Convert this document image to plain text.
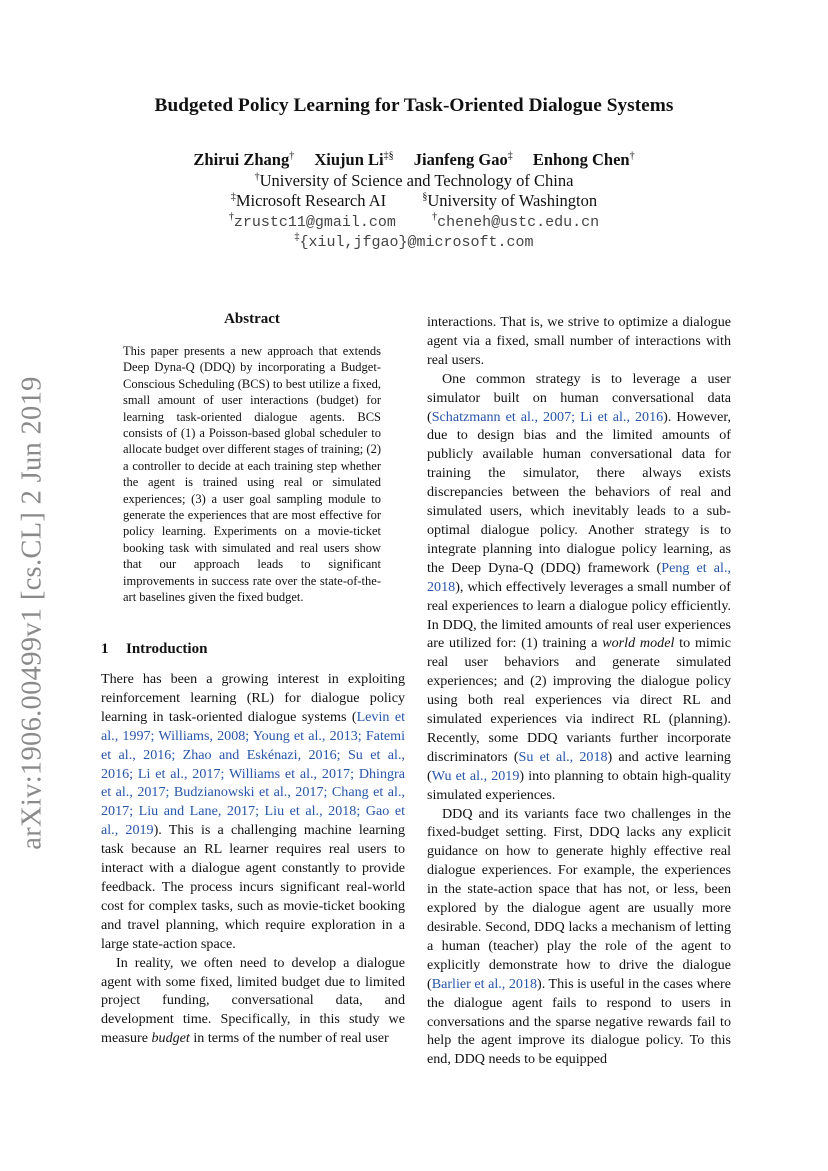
arXiv:1906.00499v1 [cs.CL] 2 Jun 2019
Budgeted Policy Learning for Task-Oriented Dialogue Systems
Zhirui Zhang† Xiujun Li‡§ Jianfeng Gao‡ Enhong Chen†
†University of Science and Technology of China
‡Microsoft Research AI	§University of Washington
†zrustc11@gmail.com	†cheneh@ustc.edu.cn
‡{xiul,jfgao}@microsoft.com
Abstract
This paper presents a new approach that extends Deep Dyna-Q (DDQ) by incorporating a Budget-Conscious Scheduling (BCS) to best utilize a fixed, small amount of user interactions (budget) for learning task-oriented dialogue agents. BCS consists of (1) a Poisson-based global scheduler to allocate budget over different stages of training; (2) a controller to decide at each training step whether the agent is trained using real or simulated experiences; (3) a user goal sampling module to generate the experiences that are most effective for policy learning. Experiments on a movie-ticket booking task with simulated and real users show that our approach leads to significant improvements in success rate over the state-of-the-art baselines given the fixed budget.
1 Introduction

There has been a growing interest in exploiting reinforcement learning (RL) for dialogue policy learning in task-oriented dialogue systems (Levin et al., 1997; Williams, 2008; Young et al., 2013; Fatemi et al., 2016; Zhao and Eskénazi, 2016; Su et al., 2016; Li et al., 2017; Williams et al., 2017; Dhingra et al., 2017; Budzianowski et al., 2017; Chang et al., 2017; Liu and Lane, 2017; Liu et al., 2018; Gao et al., 2019). This is a challenging machine learning task because an RL learner requires real users to interact with a dialogue agent constantly to provide feedback. The process incurs significant real-world cost for complex tasks, such as movie-ticket booking and travel planning, which require exploration in a large state-action space.

In reality, we often need to develop a dialogue agent with some fixed, limited budget due to limited project funding, conversational data, and development time. Specifically, in this study we measure budget in terms of the number of real user

interactions. That is, we strive to optimize a dialogue agent via a fixed, small number of interactions with real users.

One common strategy is to leverage a user simulator built on human conversational data (Schatzmann et al., 2007; Li et al., 2016). However, due to design bias and the limited amounts of publicly available human conversational data for training the simulator, there always exists discrepancies between the behaviors of real and simulated users, which inevitably leads to a sub-optimal dialogue policy. Another strategy is to integrate planning into dialogue policy learning, as the Deep Dyna-Q (DDQ) framework (Peng et al., 2018), which effectively leverages a small number of real experiences to learn a dialogue policy efficiently. In DDQ, the limited amounts of real user experiences are utilized for: (1) training a world model to mimic real user behaviors and generate simulated experiences; and (2) improving the dialogue policy using both real experiences via direct RL and simulated experiences via indirect RL (planning). Recently, some DDQ variants further incorporate discriminators (Su et al., 2018) and active learning (Wu et al., 2019) into planning to obtain high-quality simulated experiences.

DDQ and its variants face two challenges in the fixed-budget setting. First, DDQ lacks any explicit guidance on how to generate highly effective real dialogue experiences. For example, the experiences in the state-action space that has not, or less, been explored by the dialogue agent are usually more desirable. Second, DDQ lacks a mechanism of letting a human (teacher) play the role of the agent to explicitly demonstrate how to drive the dialogue (Barlier et al., 2018). This is useful in the cases where the dialogue agent fails to respond to users in conversations and the sparse negative rewards fail to help the agent improve its dialogue policy. To this end, DDQ needs to be equipped
